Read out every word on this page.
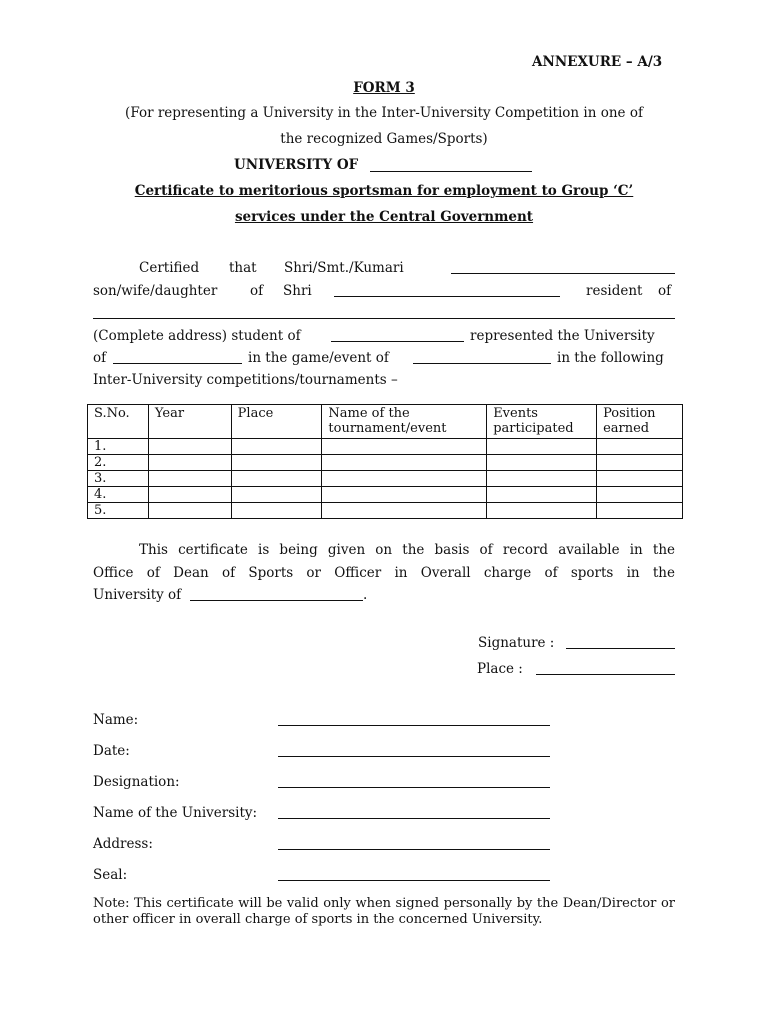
ANNEXURE – A/3
FORM 3
(For representing a University in the Inter-University Competition in one of
the recognized Games/Sports)
UNIVERSITY OF
Certificate to meritorious sportsman for employment to Group ‘C’
services under the Central Government
Certified that Shri/Smt./Kumari
son/wife/daughter of Shri	resident of
(Complete address) student of	represented the University
of	in the game/event of	in the following
Inter-University competitions/tournaments –
S.No.	Year	Place	Name of the tournament/event	Events participated	Position earned
1.					
2.					
3.					
4.					
5.					
This certificate is being given on the basis of record available in the
Office of Dean of Sports or Officer in Overall charge of sports in the
University of	.
Signature :
Place :
Name:
Date:
Designation:
Name of the University:
Address:
Seal:
Note: This certificate will be valid only when signed personally by the Dean/Director or other officer in overall charge of sports in the concerned University.
